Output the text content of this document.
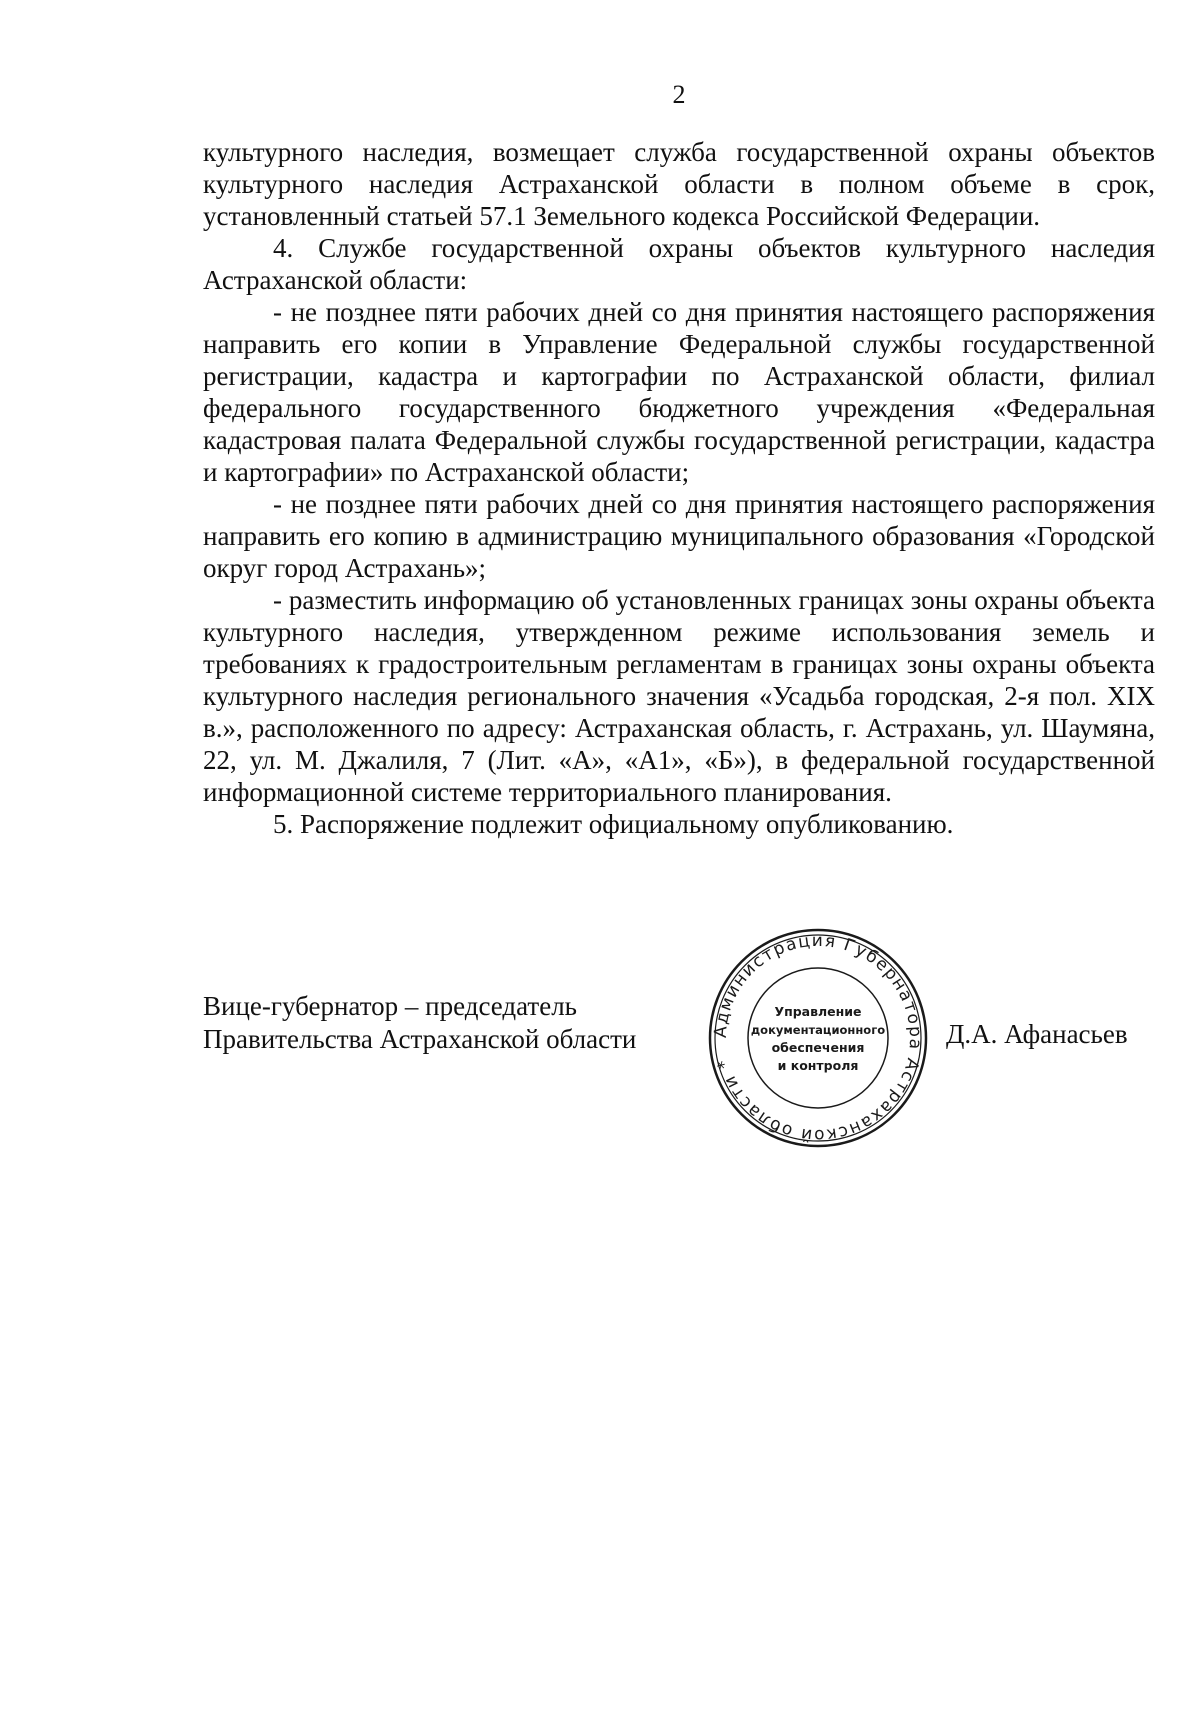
2

культурного наследия, возмещает служба государственной охраны объектов культурного наследия Астраханской области в полном объеме в срок, установленный статьей 57.1 Земельного кодекса Российской Федерации.

4. Службе государственной охраны объектов культурного наследия Астраханской области:

- не позднее пяти рабочих дней со дня принятия настоящего распоряжения направить его копии в Управление Федеральной службы государственной регистрации, кадастра и картографии по Астраханской области, филиал федерального государственного бюджетного учреждения «Федеральная кадастровая палата Федеральной службы государственной регистрации, кадастра и картографии» по Астраханской области;

- не позднее пяти рабочих дней со дня принятия настоящего распоряжения направить его копию в администрацию муниципального образования «Городской округ город Астрахань»;

- разместить информацию об установленных границах зоны охраны объекта культурного наследия, утвержденном режиме использования земель и требованиях к градостроительным регламентам в границах зоны охраны объекта культурного наследия регионального значения «Усадьба городская, 2-я пол. XIX в.», расположенного по адресу: Астраханская область, г. Астрахань, ул. Шаумяна, 22, ул. М. Джалиля, 7 (Лит. «А», «А1», «Б»), в федеральной государственной информационной системе территориального планирования.

5. Распоряжение подлежит официальному опубликованию.

Вице-губернатор – председатель
Правительства Астраханской области	Администрация Губернатора Астраханской области *
Управление
документационного
обеспечения
и контроля
Д.А. Афанасьев
